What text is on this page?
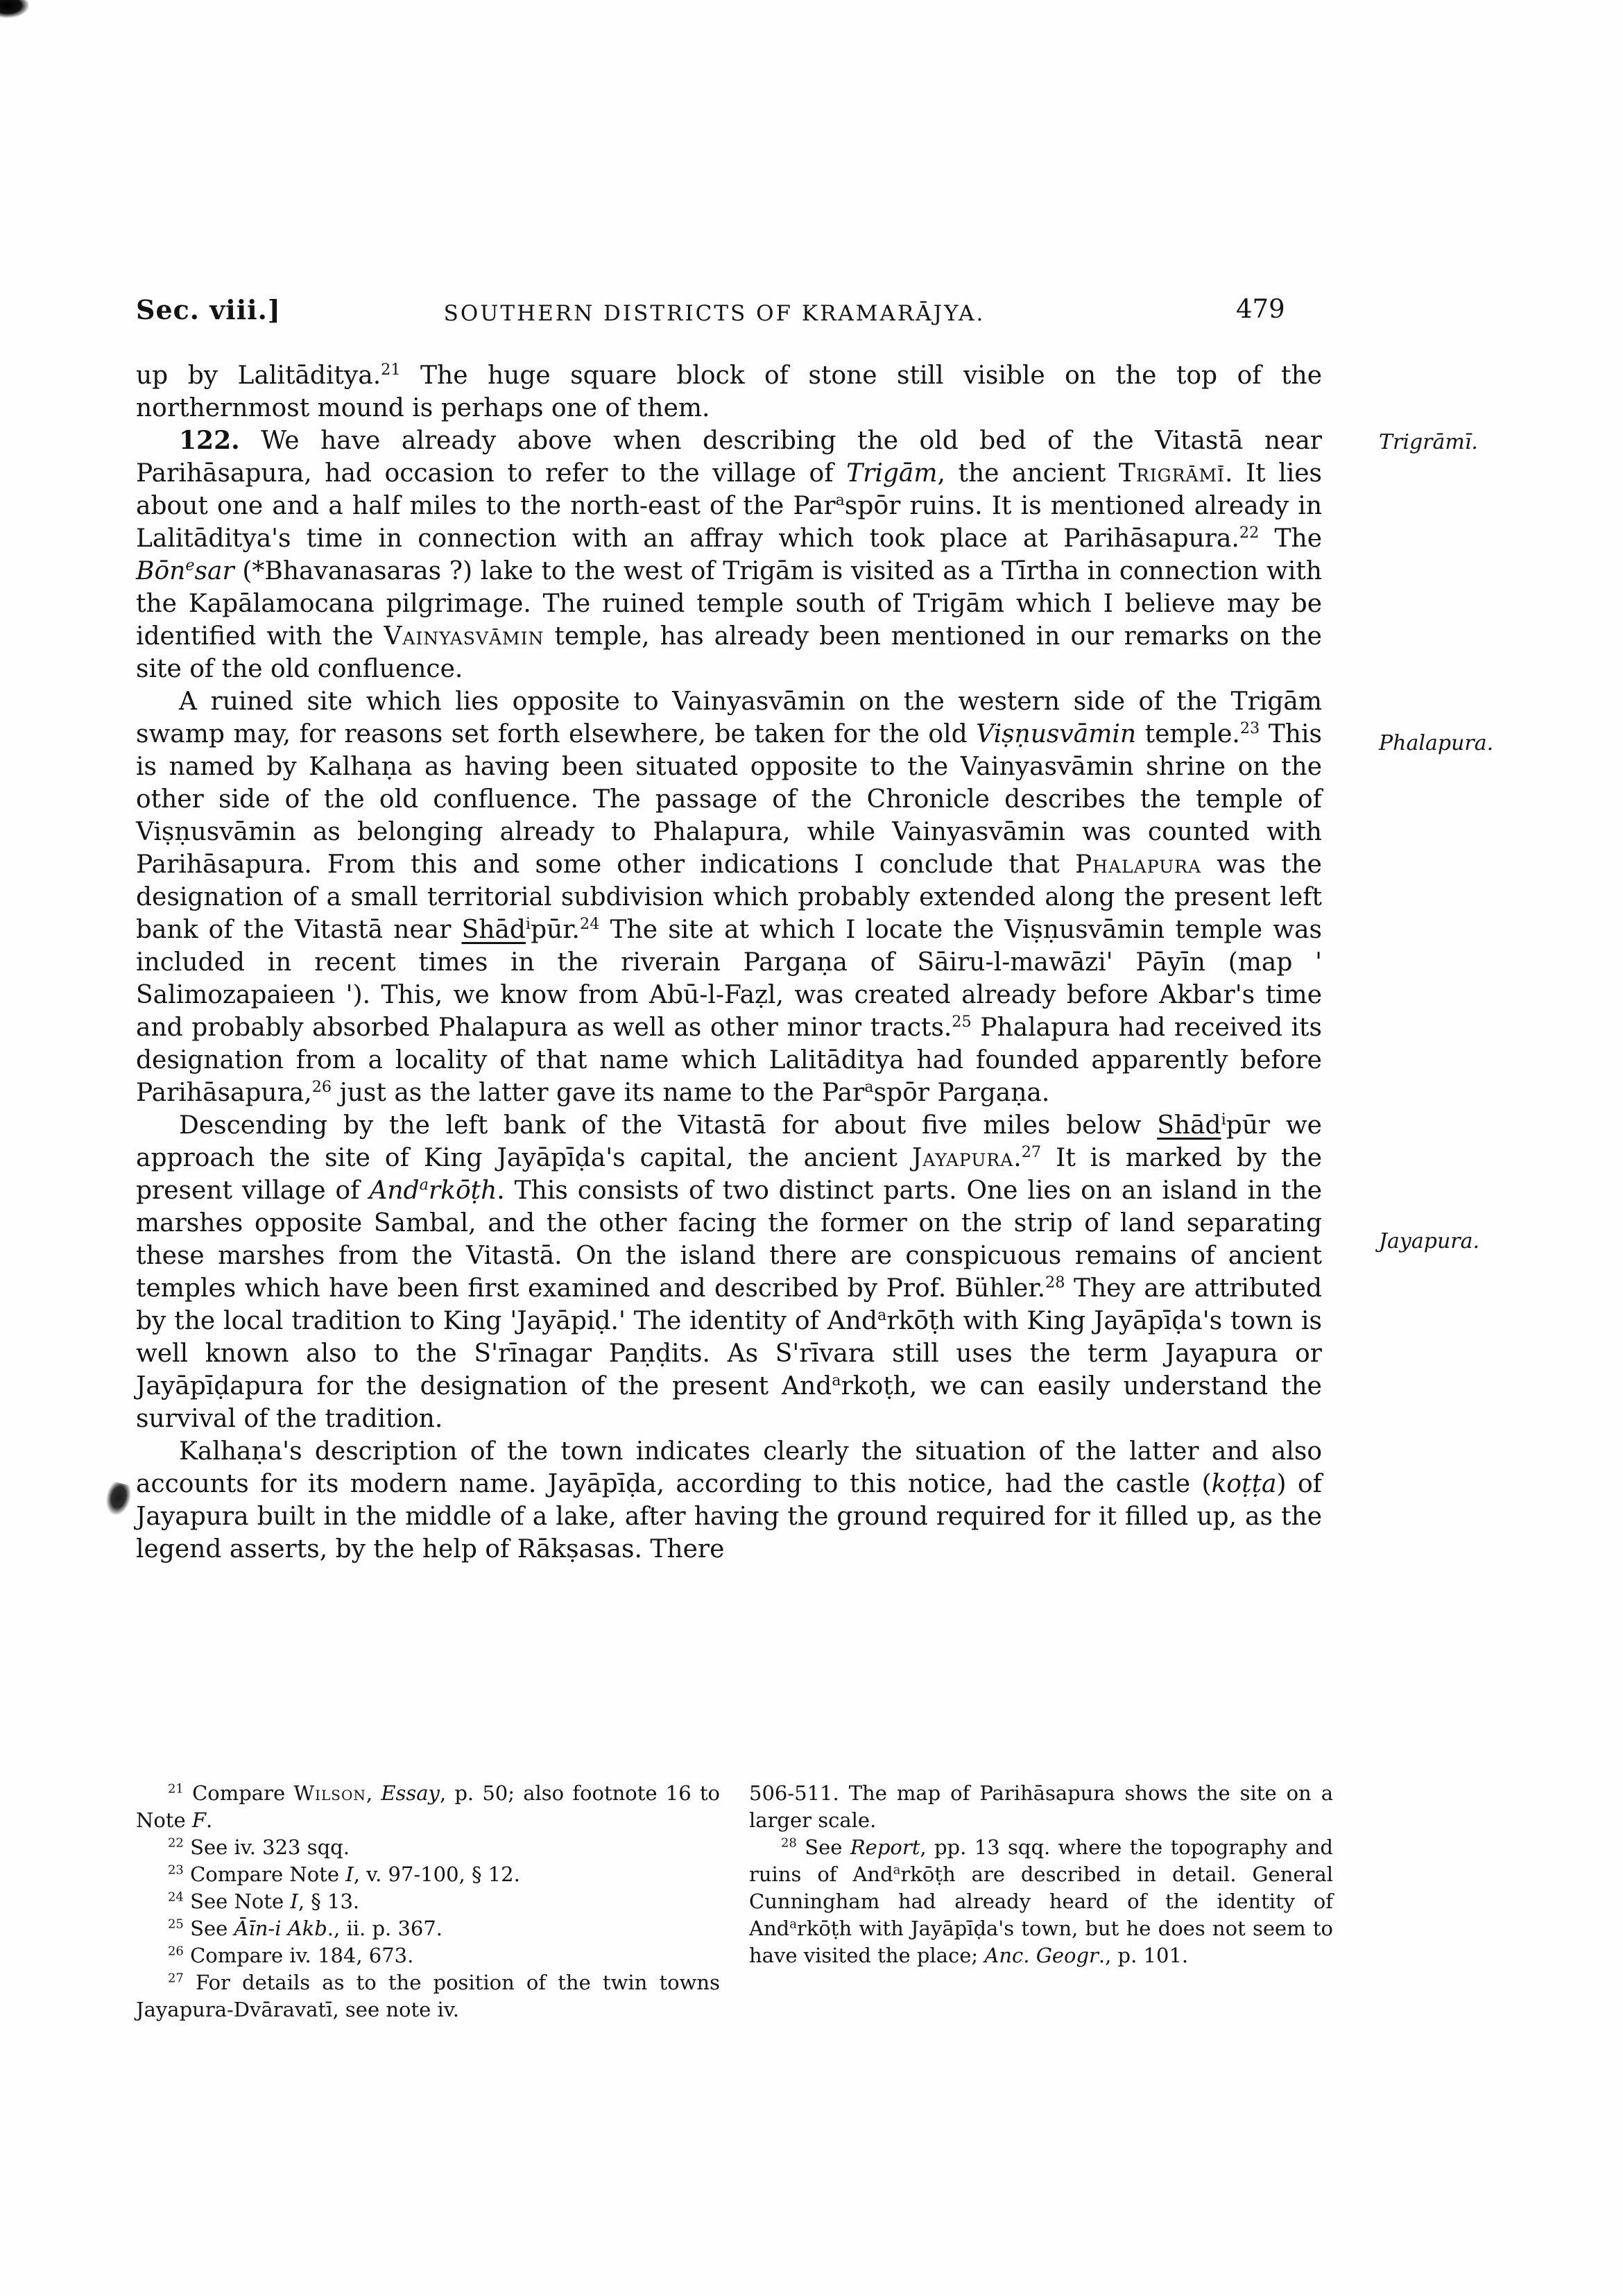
Sec. viii.]	SOUTHERN DISTRICTS OF KRAMARĀJYA.	479

up by Lalitāditya.$^{21}$ The huge square block of stone still visible on the top of the northernmost mound is perhaps one of them.

122. We have already above when describing the old bed of the Vitastā near Parihāsapura, had occasion to refer to the village of Trigām, the ancient Trigrāmī. It lies about one and a half miles to the north-east of the Par$^a$spōr ruins. It is mentioned already in Lalitāditya's time in connection with an affray which took place at Parihāsapura.$^{22}$ The Bōn$^e$sar (*Bhavanasaras ?) lake to the west of Trigām is visited as a Tīrtha in connection with the Kapālamocana pilgrimage. The ruined temple south of Trigām which I believe may be identified with the Vainyasvāmin temple, has already been mentioned in our remarks on the site of the old confluence.

A ruined site which lies opposite to Vainyasvāmin on the western side of the Trigām swamp may, for reasons set forth elsewhere, be taken for the old Viṣṇusvāmin temple.$^{23}$ This is named by Kalhaṇa as having been situated opposite to the Vainyasvāmin shrine on the other side of the old confluence. The passage of the Chronicle describes the temple of Viṣṇusvāmin as belonging already to Phalapura, while Vainyasvāmin was counted with Parihāsapura. From this and some other indications I conclude that Phalapura was the designation of a small territorial subdivision which probably extended along the present left bank of the Vitastā near Shād$^i$pūr.$^{24}$ The site at which I locate the Viṣṇusvāmin temple was included in recent times in the riverain Pargaṇa of Sāiru-l-mawāzi' Pāyīn (map ' Salimozapaieen '). This, we know from Abū-l-Faẓl, was created already before Akbar's time and probably absorbed Phalapura as well as other minor tracts.$^{25}$ Phalapura had received its designation from a locality of that name which Lalitāditya had founded apparently before Parihāsapura,$^{26}$ just as the latter gave its name to the Par$^a$spōr Pargaṇa.

Descending by the left bank of the Vitastā for about five miles below Shād$^i$pūr we approach the site of King Jayāpīḍa's capital, the ancient Jayapura.$^{27}$ It is marked by the present village of And$^a$rkōṭh. This consists of two distinct parts. One lies on an island in the marshes opposite Sambal, and the other facing the former on the strip of land separating these marshes from the Vitastā. On the island there are conspicuous remains of ancient temples which have been first examined and described by Prof. Bühler.$^{28}$ They are attributed by the local tradition to King 'Jayāpiḍ.' The identity of And$^a$rkōṭh with King Jayāpīḍa's town is well known also to the S'rīnagar Paṇḍits. As S'rīvara still uses the term Jayapura or Jayāpīḍapura for the designation of the present And$^a$rkoṭh, we can easily understand the survival of the tradition.

Kalhaṇa's description of the town indicates clearly the situation of the latter and also accounts for its modern name. Jayāpīḍa, according to this notice, had the castle (koṭṭa) of Jayapura built in the middle of a lake, after having the ground required for it filled up, as the legend asserts, by the help of Rākṣasas. There

Trigrāmī.
Phalapura.
Jayapura.

$^{21}$ Compare Wilson, Essay, p. 50; also footnote 16 to Note F.

$^{22}$ See iv. 323 sqq.

$^{23}$ Compare Note I, v. 97-100, § 12.

$^{24}$ See Note I, § 13.

$^{25}$ See Āīn-i Akb., ii. p. 367.

$^{26}$ Compare iv. 184, 673.

$^{27}$ For details as to the position of the twin towns Jayapura-Dvāravatī, see note iv.

506-511. The map of Parihāsapura shows the site on a larger scale.

$^{28}$ See Report, pp. 13 sqq. where the topography and ruins of And$^a$rkōṭh are described in detail. General Cunningham had already heard of the identity of And$^a$rkōṭh with Jayāpīḍa's town, but he does not seem to have visited the place; Anc. Geogr., p. 101.
